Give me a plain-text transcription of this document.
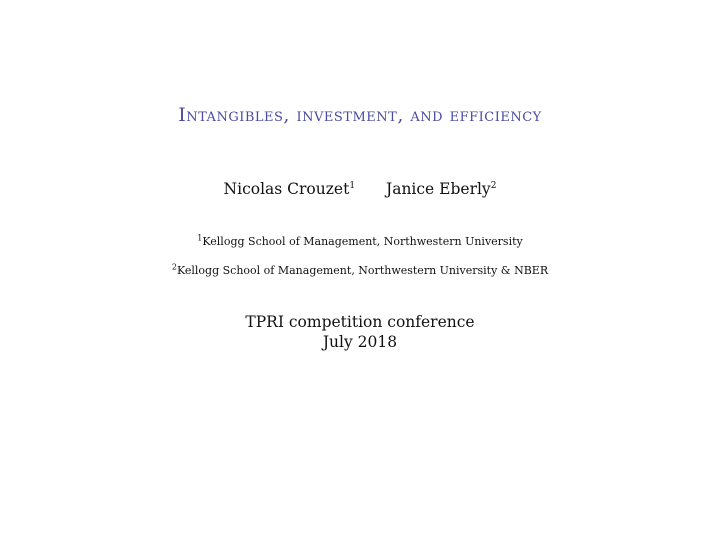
Intangibles, investment, and efficiency
Nicolas Crouzet$^1$ Janice Eberly$^2$
$^1$Kellogg School of Management, Northwestern University
$^2$Kellogg School of Management, Northwestern University & NBER
TPRI competition conference
July 2018
